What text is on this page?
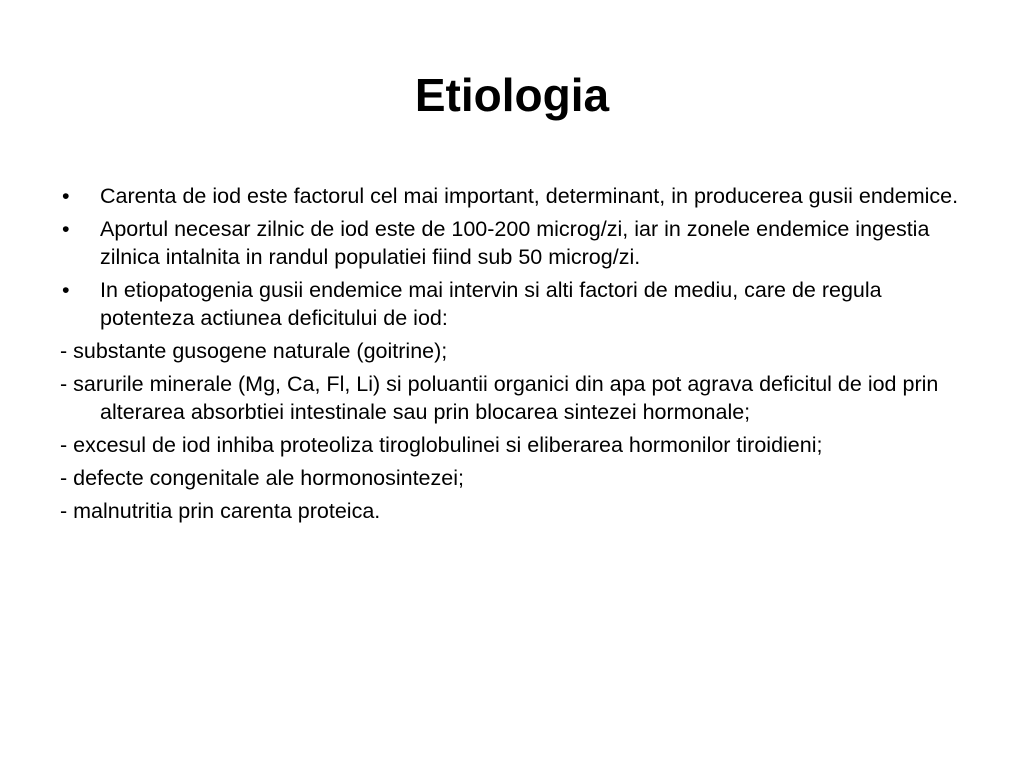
Etiologia
•	Carenta de iod este factorul cel mai important, determinant, in producerea gusii endemice.
•	Aportul necesar zilnic de iod este de 100-200 microg/zi, iar in zonele endemice ingestia zilnica intalnita in randul populatiei fiind sub 50 microg/zi.
•	In etiopatogenia gusii endemice mai intervin si alti factori de mediu, care de regula potenteza actiunea deficitului de iod:
- substante gusogene naturale (goitrine);
- sarurile minerale (Mg, Ca, Fl, Li) si poluantii organici din apa pot agrava deficitul de iod prin alterarea absorbtiei intestinale sau prin blocarea sintezei hormonale;
- excesul de iod inhiba proteoliza tiroglobulinei si eliberarea hormonilor tiroidieni;
- defecte congenitale ale hormonosintezei;
- malnutritia prin carenta proteica.
